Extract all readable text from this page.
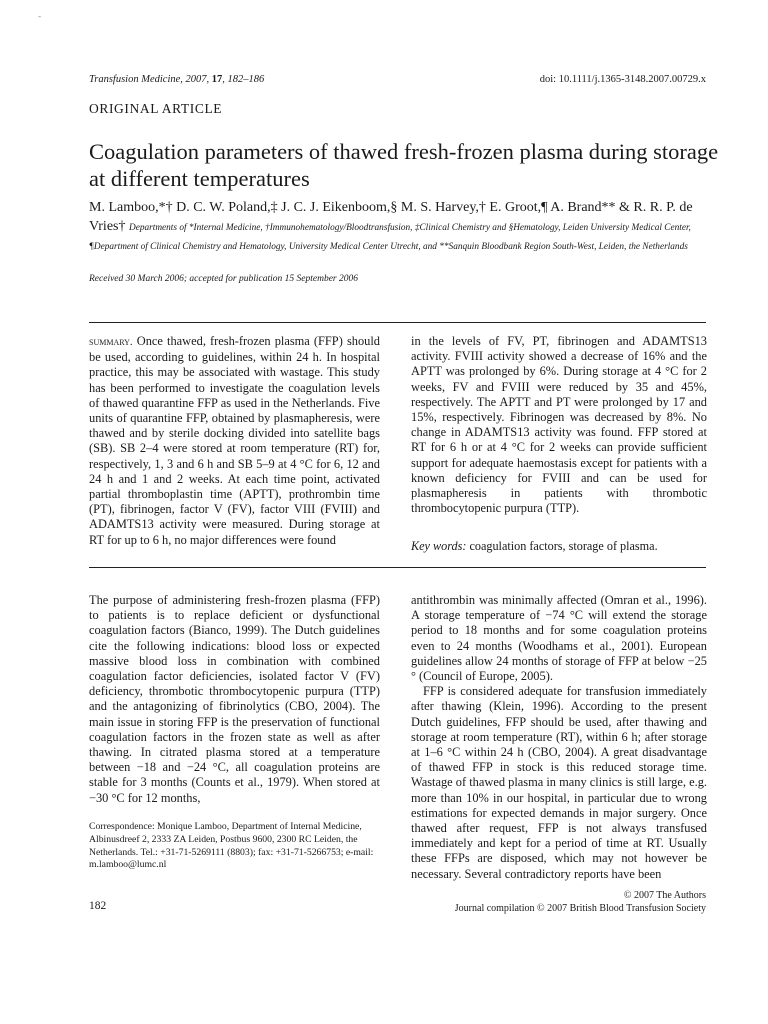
-
Transfusion Medicine, 2007, 17, 182–186	doi: 10.1111/j.1365-3148.2007.00729.x
ORIGINAL ARTICLE
Coagulation parameters of thawed fresh-frozen plasma during storage at different temperatures
M. Lamboo,*† D. C. W. Poland,‡ J. C. J. Eikenboom,§ M. S. Harvey,† E. Groot,¶ A. Brand** & R. R. P. de Vries† Departments of *Internal Medicine, †Immunohematology/Bloodtransfusion, ‡Clinical Chemistry and §Hematology, Leiden University Medical Center, ¶Department of Clinical Chemistry and Hematology, University Medical Center Utrecht, and **Sanquin Bloodbank Region South-West, Leiden, the Netherlands
Received 30 March 2006; accepted for publication 15 September 2006

summary. Once thawed, fresh-frozen plasma (FFP) should be used, according to guidelines, within 24 h. In hospital practice, this may be associated with wastage. This study has been performed to investigate the coagulation levels of thawed quarantine FFP as used in the Netherlands. Five units of quarantine FFP, obtained by plasmapheresis, were thawed and by sterile docking divided into satellite bags (SB). SB 2–4 were stored at room temperature (RT) for, respectively, 1, 3 and 6 h and SB 5–9 at 4 °C for 6, 12 and 24 h and 1 and 2 weeks. At each time point, activated partial thromboplastin time (APTT), prothrombin time (PT), fibrinogen, factor V (FV), factor VIII (FVIII) and ADAMTS13 activity were measured. During storage at RT for up to 6 h, no major differences were found

in the levels of FV, PT, fibrinogen and ADAMTS13 activity. FVIII activity showed a decrease of 16% and the APTT was prolonged by 6%. During storage at 4 °C for 2 weeks, FV and FVIII were reduced by 35 and 45%, respectively. The APTT and PT were prolonged by 17 and 15%, respectively. Fibrinogen was decreased by 8%. No change in ADAMTS13 activity was found. FFP stored at RT for 6 h or at 4 °C for 2 weeks can provide sufficient support for adequate haemostasis except for patients with a known deficiency for FVIII and can be used for plasmapheresis in patients with thrombotic thrombocytopenic purpura (TTP).

Key words: coagulation factors, storage of plasma.

The purpose of administering fresh-frozen plasma (FFP) to patients is to replace deficient or dysfunctional coagulation factors (Bianco, 1999). The Dutch guidelines cite the following indications: blood loss or expected massive blood loss in combination with combined coagulation factor deficiencies, isolated factor V (FV) deficiency, thrombotic thrombocytopenic purpura (TTP) and the antagonizing of fibrinolytics (CBO, 2004). The main issue in storing FFP is the preservation of functional coagulation factors in the frozen state as well as after thawing. In citrated plasma stored at a temperature between −18 and −24 °C, all coagulation proteins are stable for 3 months (Counts et al., 1979). When stored at −30 °C for 12 months,

antithrombin was minimally affected (Omran et al., 1996). A storage temperature of −74 °C will extend the storage period to 18 months and for some coagulation proteins even to 24 months (Woodhams et al., 2001). European guidelines allow 24 months of storage of FFP at below −25 ° (Council of Europe, 2005).

FFP is considered adequate for transfusion immediately after thawing (Klein, 1996). According to the present Dutch guidelines, FFP should be used, after thawing and storage at room temperature (RT), within 6 h; after storage at 1–6 °C within 24 h (CBO, 2004). A great disadvantage of thawed FFP in stock is this reduced storage time. Wastage of thawed plasma in many clinics is still large, e.g. more than 10% in our hospital, in particular due to wrong estimations for expected demands in major surgery. Once thawed after request, FFP is not always transfused immediately and kept for a period of time at RT. Usually these FFPs are disposed, which may not however be necessary. Several contradictory reports have been

Correspondence: Monique Lamboo, Department of Internal Medicine, Albinusdreef 2, 2333 ZA Leiden, Postbus 9600, 2300 RC Leiden, the Netherlands. Tel.: +31-71-5269111 (8803); fax: +31-71-5266753; e-mail: m.lamboo@lumc.nl
182
© 2007 The Authors
Journal compilation © 2007 British Blood Transfusion Society
